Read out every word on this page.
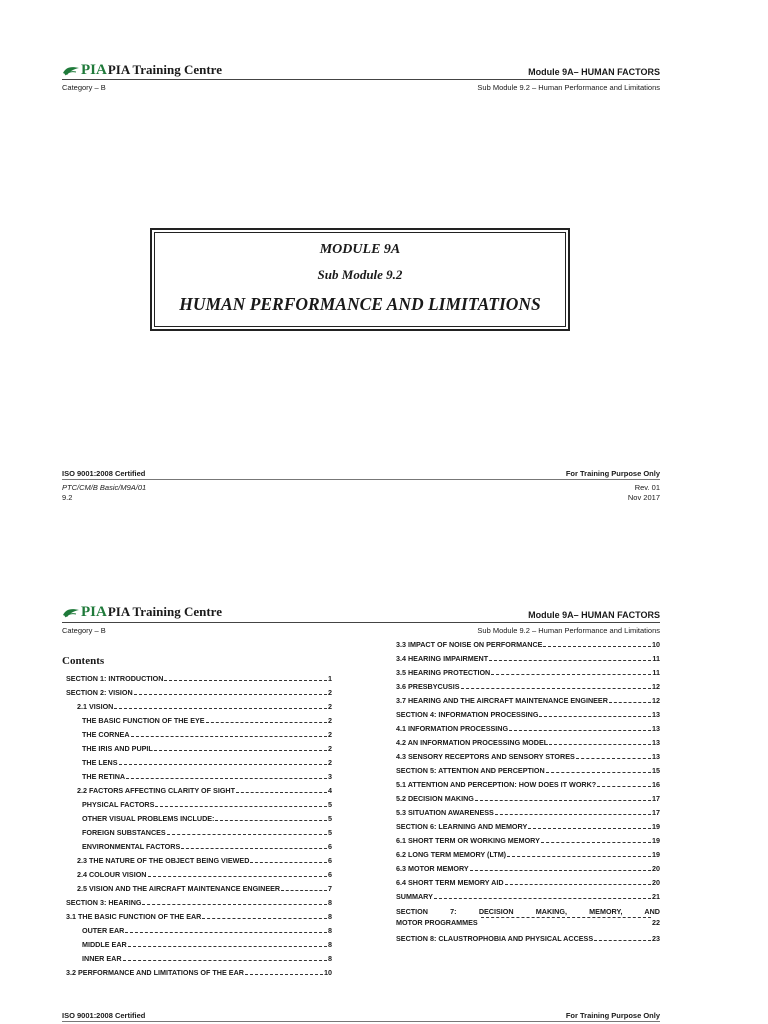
PIA PIA Training Centre	Module 9A– HUMAN FACTORS
Category – B	Sub Module 9.2 – Human Performance and Limitations
MODULE 9A
Sub Module 9.2
HUMAN PERFORMANCE AND LIMITATIONS
ISO 9001:2008 Certified	For Training Purpose Only
PTC/CM/B Basic/M9A/01
9.2
Rev. 01
Nov 2017
PIA PIA Training Centre	Module 9A– HUMAN FACTORS
Category – B	Sub Module 9.2 – Human Performance and Limitations
Contents
SECTION 1: INTRODUCTION	1
SECTION 2: VISION	2
2.1 VISION	2
THE BASIC FUNCTION OF THE EYE	2
THE CORNEA	2
THE IRIS AND PUPIL	2
THE LENS	2
THE RETINA	3
2.2 FACTORS AFFECTING CLARITY OF SIGHT	4
PHYSICAL FACTORS	5
OTHER VISUAL PROBLEMS INCLUDE:	5
FOREIGN SUBSTANCES	5
ENVIRONMENTAL FACTORS	6
2.3 THE NATURE OF THE OBJECT BEING VIEWED	6
2.4 COLOUR VISION	6
2.5 VISION AND THE AIRCRAFT MAINTENANCE ENGINEER	7
SECTION 3: HEARING	8
3.1 THE BASIC FUNCTION OF THE EAR	8
OUTER EAR	8
MIDDLE EAR	8
INNER EAR	8
3.2 PERFORMANCE AND LIMITATIONS OF THE EAR	10
3.3 IMPACT OF NOISE ON PERFORMANCE	10
3.4 HEARING IMPAIRMENT	11
3.5 HEARING PROTECTION	11
3.6 PRESBYCUSIS	12
3.7 HEARING AND THE AIRCRAFT MAINTENANCE ENGINEER	12
SECTION 4: INFORMATION PROCESSING	13
4.1 INFORMATION PROCESSING	13
4.2 AN INFORMATION PROCESSING MODEL	13
4.3 SENSORY RECEPTORS AND SENSORY STORES	13
SECTION 5: ATTENTION AND PERCEPTION	15
5.1 ATTENTION AND PERCEPTION: HOW DOES IT WORK?	16
5.2 DECISION MAKING	17
5.3 SITUATION AWARENESS	17
SECTION 6: LEARNING AND MEMORY	19
6.1 SHORT TERM OR WORKING MEMORY	19
6.2 LONG TERM MEMORY (LTM)	19
6.3 MOTOR MEMORY	20
6.4 SHORT TERM MEMORY AID	20
SUMMARY	21
SECTION 7: DECISION MAKING, MEMORY, AND
MOTOR PROGRAMMES	22
SECTION 8: CLAUSTROPHOBIA AND PHYSICAL ACCESS	23
ISO 9001:2008 Certified	For Training Purpose Only
